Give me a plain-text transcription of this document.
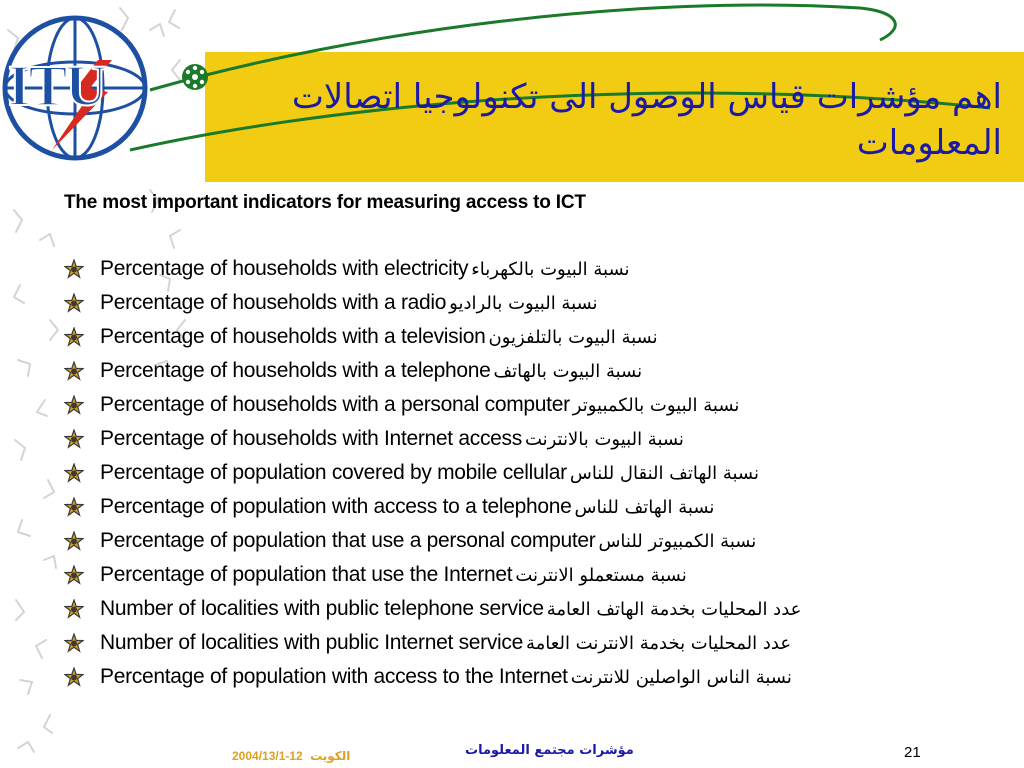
ITU	اهم مؤشرات قياس الوصول الى تكنولوجيا اتصالات المعلومات
The most important indicators for measuring access to ICT
Percentage of households with electricity نسبة البيوت بالكهرباء
Percentage of households with a radio نسبة البيوت بالراديو
Percentage of households with a television نسبة البيوت بالتلفزيون
Percentage of households with a telephone نسبة البيوت بالهاتف
Percentage of households with a personal computer نسبة البيوت بالكمبيوتر
Percentage of households with Internet access نسبة البيوت بالانترنت
Percentage of population covered by mobile cellular نسبة الهاتف النقال للناس
Percentage of population with access to a telephone نسبة الهاتف للناس
Percentage of population that use a personal computer نسبة الكمبيوتر للناس
Percentage of population that use the Internet نسبة مستعملو الانترنت
Number of localities with public telephone service عدد المحليات بخدمة الهاتف العامة
Number of localities with public Internet service عدد المحليات بخدمة الانترنت العامة
Percentage of population with access to the Internet نسبة الناس الواصلين للانترنت
2004/13/1-12 الكويت	مؤشرات مجتمع المعلومات	21
